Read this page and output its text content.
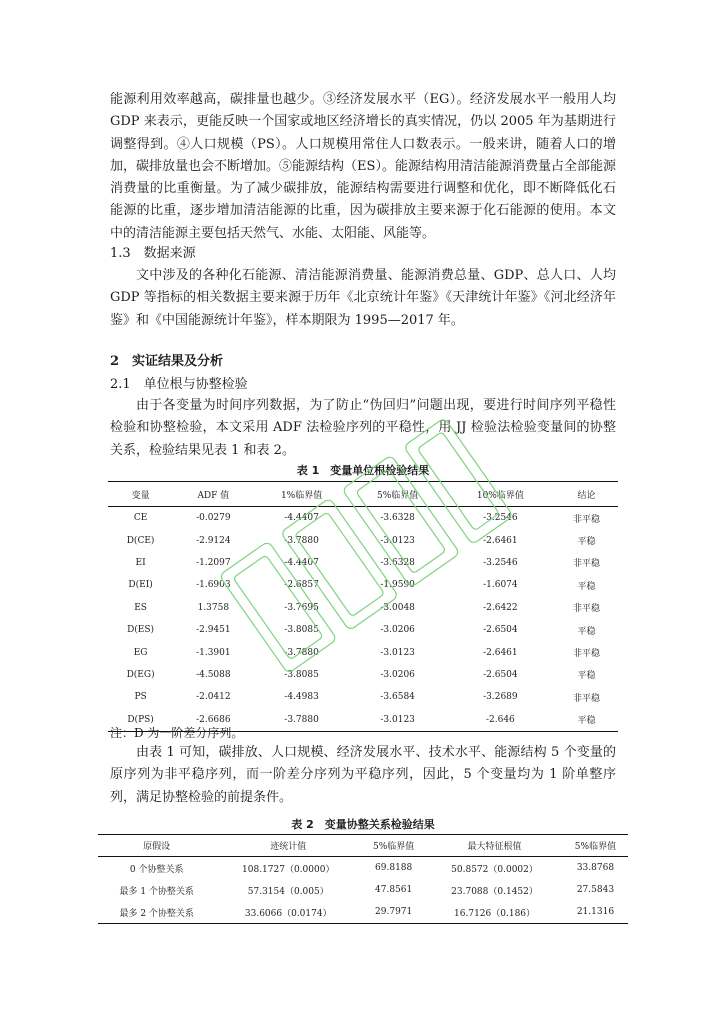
能源利用效率越高，碳排量也越少。③经济发展水平（EG）。经济发展水平一般用人均 GDP 来表示，更能反映一个国家或地区经济增长的真实情况，仍以 2005 年为基期进行调整得到。④人口规模（PS）。人口规模用常住人口数表示。一般来讲，随着人口的增加，碳排放量也会不断增加。⑤能源结构（ES）。能源结构用清洁能源消费量占全部能源消费量的比重衡量。为了减少碳排放，能源结构需要进行调整和优化，即不断降低化石能源的比重，逐步增加清洁能源的比重，因为碳排放主要来源于化石能源的使用。本文中的清洁能源主要包括天然气、水能、太阳能、风能等。

1.3　数据来源

文中涉及的各种化石能源、清洁能源消费量、能源消费总量、GDP、总人口、人均 GDP 等指标的相关数据主要来源于历年《北京统计年鉴》《天津统计年鉴》《河北经济年鉴》和《中国能源统计年鉴》，样本期限为 1995—2017 年。

2　实证结果及分析
2.1　单位根与协整检验

由于各变量为时间序列数据，为了防止“伪回归”问题出现，要进行时间序列平稳性检验和协整检验，本文采用 ADF 法检验序列的平稳性，用 JJ 检验法检验变量间的协整关系，检验结果见表 1 和表 2。

表 1　变量单位根检验结果
变量	ADF 值	1%临界值	5%临界值	10%临界值	结论
CE	-0.0279	-4.4407	-3.6328	-3.2546	非平稳
D(CE)	-2.9124	-3.7880	-3.0123	-2.6461	平稳
EI	-1.2097	-4.4407	-3.6328	-3.2546	非平稳
D(EI)	-1.6903	-2.6857	-1.9590	-1.6074	平稳
ES	1.3758	-3.7695	-3.0048	-2.6422	非平稳
D(ES)	-2.9451	-3.8085	-3.0206	-2.6504	平稳
EG	-1.3901	-3.7880	-3.0123	-2.6461	非平稳
D(EG)	-4.5088	-3.8085	-3.0206	-2.6504	平稳
PS	-2.0412	-4.4983	-3.6584	-3.2689	非平稳
D(PS)	-2.6686	-3.7880	-3.0123	-2.646	平稳
注：D 为一阶差分序列。

由表 1 可知，碳排放、人口规模、经济发展水平、技术水平、能源结构 5 个变量的原序列为非平稳序列，而一阶差分序列为平稳序列，因此，5 个变量均为 1 阶单整序列，满足协整检验的前提条件。

表 2　变量协整关系检验结果
原假设	迹统计值	5%临界值	最大特征根值	5%临界值
0 个协整关系	108.1727（0.0000）	69.8188	50.8572（0.0002）	33.8768
最多 1 个协整关系	57.3154（0.005）	47.8561	23.7088（0.1452）	27.5843
最多 2 个协整关系	33.6066（0.0174）	29.7971	16.7126（0.186）	21.1316
